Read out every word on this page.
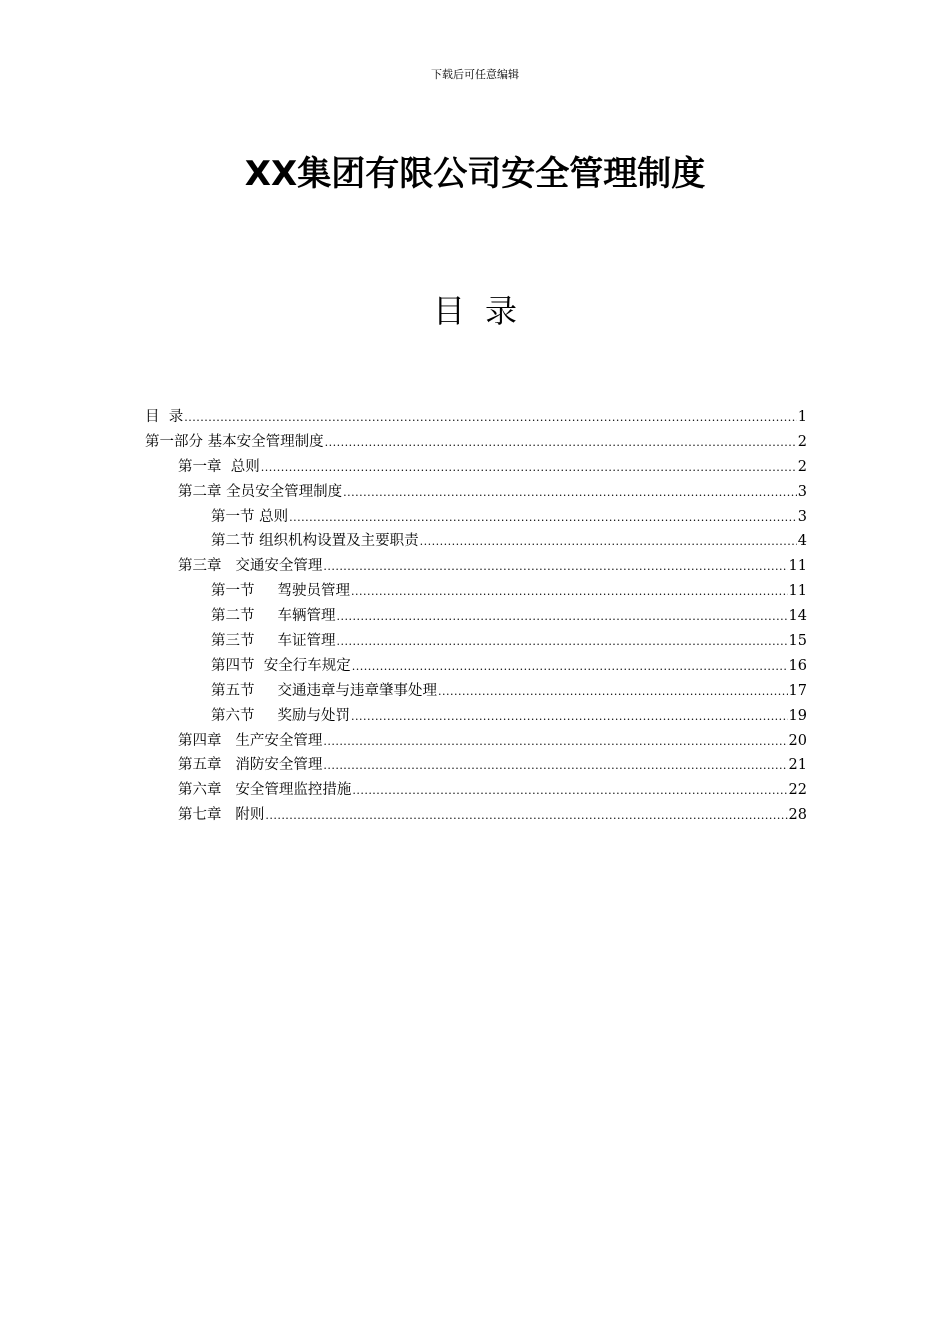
下载后可任意编辑
XX集团有限公司安全管理制度
目录
目  录 .....	1
第一部分 基本安全管理制度 .....	2
第一章  总则 .....	2
第二章 全员安全管理制度 .....	3
第一节 总则 .....	3
第二节 组织机构设置及主要职责 .....	4
第三章   交通安全管理 .....	11
第一节     驾驶员管理 .....	11
第二节     车辆管理 .....	14
第三节     车证管理 .....	15
第四节  安全行车规定 .....	16
第五节     交通违章与违章肇事处理 .....	17
第六节     奖励与处罚 .....	19
第四章   生产安全管理 .....	20
第五章   消防安全管理 .....	21
第六章   安全管理监控措施 .....	22
第七章   附则 .....	28
